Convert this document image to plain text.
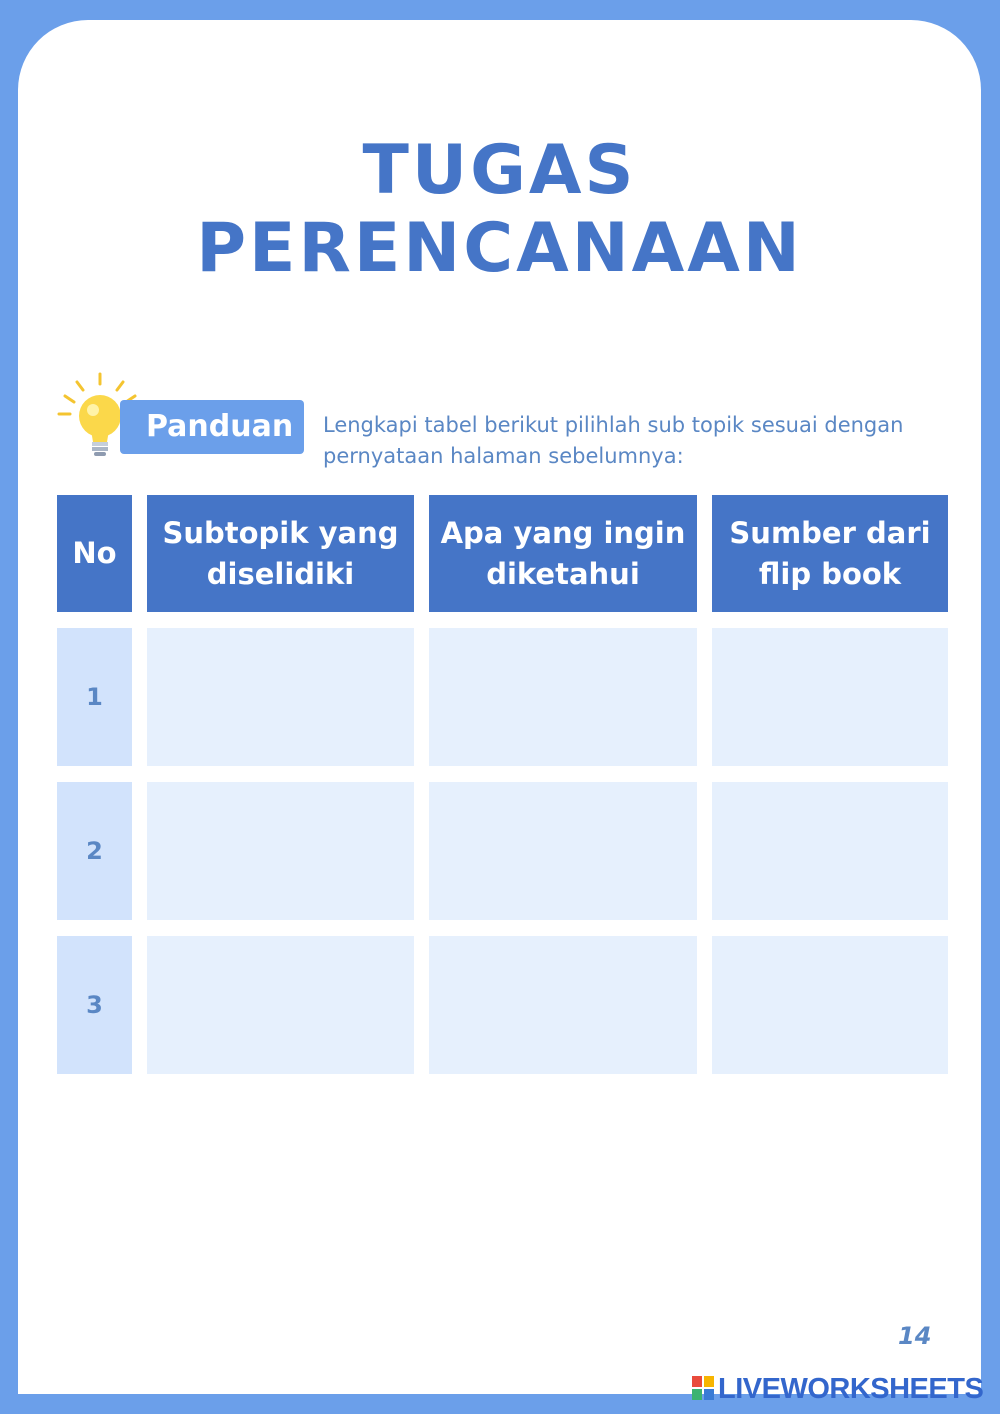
TUGAS
PERENCANAAN
Panduan	Lengkapi tabel berikut pilihlah sub topik sesuai dengan pernyataan halaman sebelumnya:
No
Subtopik yang diselidiki
Apa yang ingin diketahui
Sumber dari flip book
1
2
3
14
LIVEWORKSHEETS
